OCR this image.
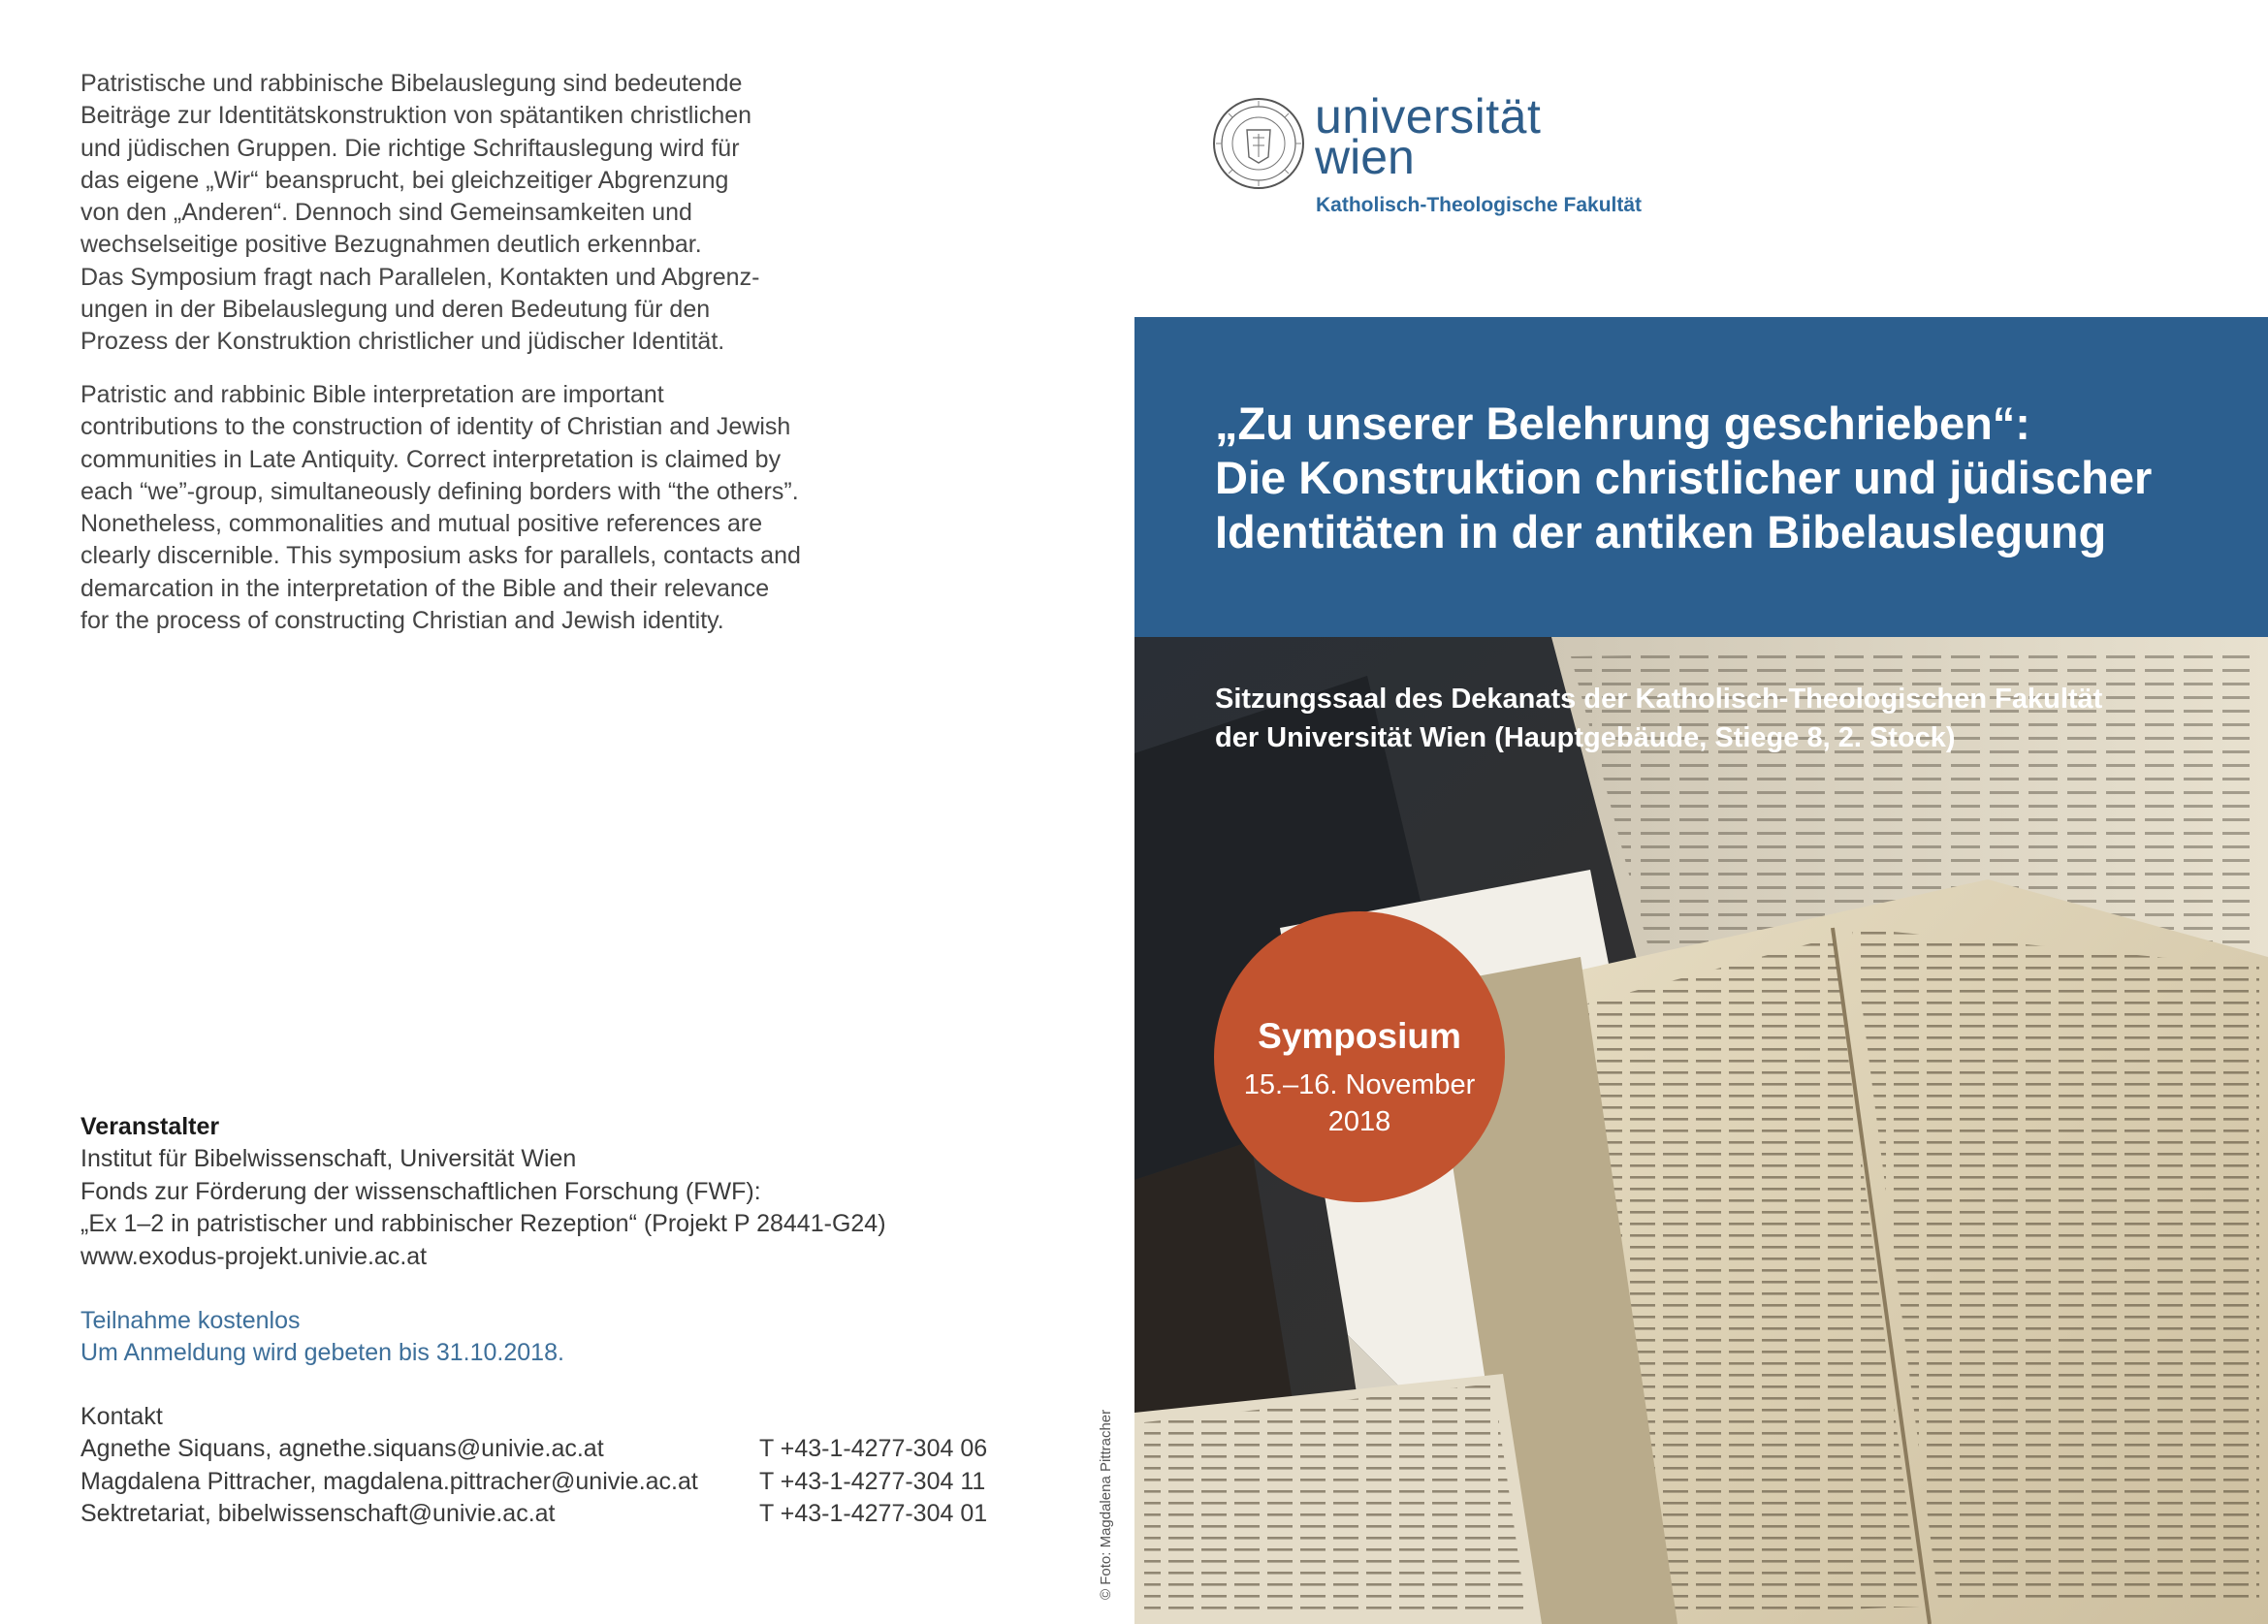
Patristische und rabbinische Bibelauslegung sind bedeutende
Beiträge zur Identitätskonstruktion von spätantiken christlichen
und jüdischen Gruppen. Die richtige Schriftauslegung wird für
das eigene „Wir“ beansprucht, bei gleichzeitiger Abgrenzung
von den „Anderen“. Dennoch sind Gemeinsamkeiten und
wechselseitige positive Bezugnahmen deutlich erkennbar.
Das Symposium fragt nach Parallelen, Kontakten und Abgrenz-
ungen in der Bibelauslegung und deren Bedeutung für den
Prozess der Konstruktion christlicher und jüdischer Identität.

Patristic and rabbinic Bible interpretation are important
contributions to the construction of identity of Christian and Jewish
communities in Late Antiquity. Correct interpretation is claimed by
each “we”-group, simultaneously defining borders with “the others”.
Nonetheless, commonalities and mutual positive references are
clearly discernible. This symposium asks for parallels, contacts and
demarcation in the interpretation of the Bible and their relevance
for the process of constructing Christian and Jewish identity.

Veranstalter
Institut für Bibelwissenschaft, Universität Wien
Fonds zur Förderung der wissenschaftlichen Forschung (FWF):
„Ex 1–2 in patristischer und rabbinischer Rezeption“ (Projekt P 28441-G24)
www.exodus-projekt.univie.ac.at
Teilnahme kostenlos
Um Anmeldung wird gebeten bis 31.10.2018.
Kontakt
Agnethe Siquans, agnethe.siquans@univie.ac.at	T +43-1-4277-304 06
Magdalena Pittracher, magdalena.pittracher@univie.ac.at	T +43-1-4277-304 11
Sektretariat, bibelwissenschaft@univie.ac.at	T +43-1-4277-304 01	© Foto: Magdalena Pittracher
universität
wien
Katholisch-Theologische Fakultät
„Zu unserer Belehrung geschrieben“:
Die Konstruktion christlicher und jüdischer
Identitäten in der antiken Bibelauslegung
Sitzungssaal des Dekanats der Katholisch-Theologischen Fakultät
der Universität Wien (Hauptgebäude, Stiege 8, 2. Stock)
Symposium
15.–16. November
2018
